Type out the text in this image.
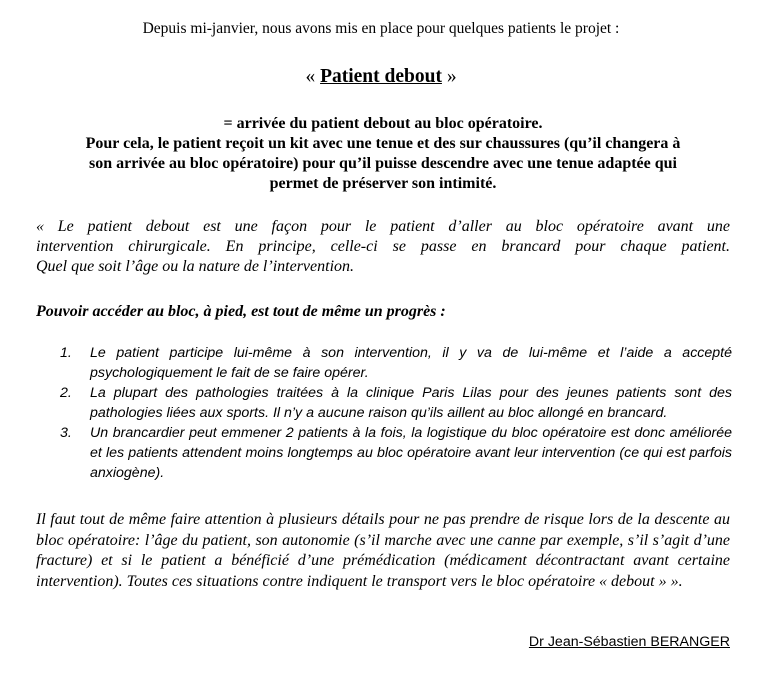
Depuis mi-janvier, nous avons mis en place pour quelques patients le projet :
« Patient debout »
= arrivée du patient debout au bloc opératoire.
Pour cela, le patient reçoit un kit avec une tenue et des sur chaussures (qu’il changera à
son arrivée au bloc opératoire) pour qu’il puisse descendre avec une tenue adaptée qui
permet de préserver son intimité.
« Le patient debout est une façon pour le patient d’aller au bloc opératoire avant une
intervention chirurgicale. En principe, celle-ci se passe en brancard pour chaque patient.
Quel que soit l’âge ou la nature de l’intervention.
Pouvoir accéder au bloc, à pied, est tout de même un progrès :
1. Le patient participe lui-même à son intervention, il y va de lui-même et l’aide a accepté psychologiquement le fait de se faire opérer.
2. La plupart des pathologies traitées à la clinique Paris Lilas pour des jeunes patients sont des pathologies liées aux sports. Il n’y a aucune raison qu’ils aillent au bloc allongé en brancard.
3. Un brancardier peut emmener 2 patients à la fois, la logistique du bloc opératoire est donc améliorée et les patients attendent moins longtemps au bloc opératoire avant leur intervention (ce qui est parfois anxiogène).
Il faut tout de même faire attention à plusieurs détails pour ne pas prendre de risque lors de la descente au bloc opératoire: l’âge du patient, son autonomie (s’il marche avec une canne par exemple, s’il s’agit d’une fracture) et si le patient a bénéficié d’une prémédication (médicament décontractant avant certaine intervention). Toutes ces situations contre indiquent le transport vers le bloc opératoire « debout » ».
Dr Jean-Sébastien BERANGER
